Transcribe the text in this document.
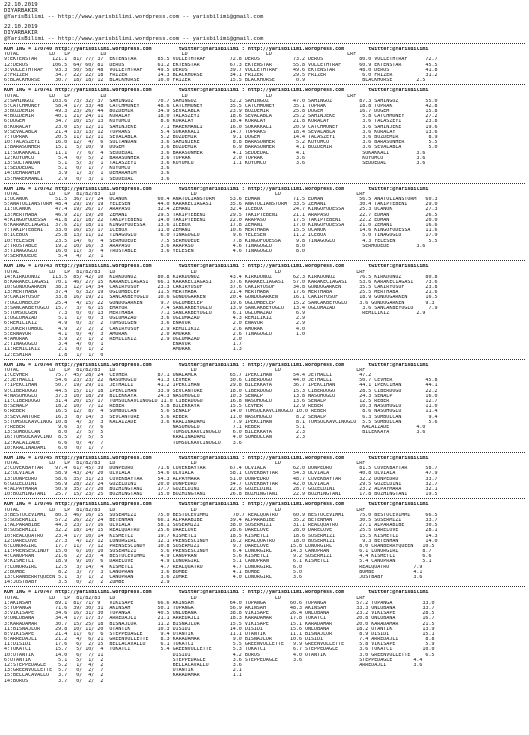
22.10.2019
DIYARBAKIR
@YarisBilimi -- http://www.yarisbilimi.wordpress.com -- yarisbilimi@gmail.com
22.10.2019
DIYARBAKIR
@YarisBilimi -- http://www.yarisbilimi.wordpress.com -- yarisbilimi@gmail.com
KUM ING = 170740 http://yarisbilimi.wordpress.com         twitter:@YarisBilimi : http://yarisbilimi.wordpress.com        twitter:@YarisBilimi
TOTAL          LD   LP          LD                         LD                          LD                         LRF
9:EKTENSTAR     121.1  81/ 77/ 37  EKTENSTAR       85.5 VOLLETHTRAF        72.8 DEROS           73.2 DEROS            80.0 VOLLETHTRAF      72.7
12:DEROS        106.5  64/ 60/ 81  DEROS           61.2 EKTENSTAR          67.3 EKTENSTAR       55.8 VOLLETHTRAF      60.9 EKTENSTAR        45.5
3:VOLLETHTRAF    93.3  50/ 58/ 48  VOLLETHTRAF     49.5 DEROS              39.7 VOLLETHTRAF     49.6 EKTENSTAR        48.0 DEROS            41.8
2:FRIZER         34.7  22/ 22/ 18  FRIZER          14.3 BLACKHORSE         34.1 FRIZER          29.5 FRIZER            6.0 FRIZER           31.2
6:BLACKHORSE     30.7  18/ 18/ 12  BLACKHORSE      10.0 FRIZER             15.5 BLACKHORSE       0.9                   BLACKHORSE        2.5
KUM ING = 170741 http://yarisbilimi.wordpress.com         twitter:@YarisBilimi : http://yarisbilimi.wordpress.com        twitter:@YarisBilimi
TOTAL          LD   LP          LD                         LD                          LD                         LRF
2:SAHINGOZ      103.6  73/ 32/ 37  SAHINGOZ        70.7 SAHINGOZ           52.2 SAHINGOZ        47.0 SAHINGOZ         87.3 SAHINGOZ         55.0
5:CATCHMONEY     58.4  17/ 33/ 48  CATCHMONEY      48.6 CATCHMONEY         35.5 CATCHMONEY      35.1 TOPRAK           18.8 TOPRAK           42.8
3:BOZDEMIR       49.3  23/ 26/ 44  BOZDEMIR        34.9 SEVALABLA          23.9 BOZDEMIR        25.8 DUGEM            16.7 DUGEM            15.8
4:BOZDEMIR       40.1  21/ 24/ 11  KORALAY         18.0 TALASZEYI          18.6 SEVALABLA       25.2 SAHINJEKE         5.8 CATCHMONEY       27.2
6:DUGEM          34.7  10/ 15/ 13  KUYUMCU          8.6 KORALAY            18.4 KORALAY         21.8 KORALAY           3.6 TALASZEYI        23.8
8:KORALAY        23.0  15/ 12/ 11  SAHINJEKE        7.1 HAREKMANLI         16.0 SOKAKKALI       20.9 CATCHMONEY        3.6 SAHINJEKE        19.6
9:SEVALABLA      21.4  13/ 13/ 12  TOPRAKS          5.4 SOKAKKALI          14.7 TOPRAKS         18.4 SEVALABLA         3.6 KORALAY          13.6
7:TOPRAK         20.5  11/ 12/ 11  SEVALABLA        5.2 BOZDEMIR            9.1 DUGEM           14.4 TALASZEYI         3.6 BOZDEMIR          8.9
10:TALASZEYI     16.0  12/  4/  6  SULTANDAN        3.6 SAHINJEKE           8.8 BARASONHER       5.2 KUYUMCU           3.6 BARASONHER        5.5
1:BARASONHER     15.1   5/ 10/  9  DUGEM            3.6 BOZDEMIR            6.9 BARASONHER       4.1 BOZDEMIR          3.6 SEVALABLA         5.0
11:SOKAKKALI     11.1   7/  6/  4  SEDDEDAL         3.6 BARASONHER          4.1 SEDDEDAL         4.1                   SOKAKKALI         3.6
12:KUYUMCU        5.4   0/  5/  2  BARASONHER       3.6 TOPRAK              2.0 TOPRAK           3.6                   KUYUMCU           3.6
13:SULTANDAN      5.1   5/  3/  1  TALASZEYI        3.6 KUYUMCU             1.1 KUYUMCU          3.6                   SEDDEDAL          3.6
1:SEDDEDAL        5.1   0/  1/  7  KUYUMCU          3.6
14:DEHARAHIM      3.9   1/  3/  1  DEHARAHIM        3.6
15:HAREKMANLI     2.9   0/  3/  1  SEDDEDAL         3.6
KUM ING = 170742 http://yarisbilimi.wordpress.com         twitter:@YarisBilimi : http://yarisbilimi.wordpress.com        twitter:@YarisBilimi
TOTAL          LD   LP  81/82/83   LD                         LD                          LD                         LRF
1:UCANOK         51.5  36/ 17/ 24  UCANOK          60.4 ANATOLIANSTORM     53.6 EDMAN           71.5 EDMAN            56.5 ANATOLIANSTORM   60.3
5:ANATOLIANSTORM 48.4  29/ 19/ 19  YELESEN         44.0 KARAKECIAGASI      35.6 ANATOLIANSTORM  33.5 ZEMANI           30.4 TAKIPTEBENI      29.0
11:UCANOK        47.4  19/ 26/ 17  ARAPASO         32.4 ZEMANI             32.4 ICEBOX          24.7 KINGOFODESSA     25.3 UCANOK           27.3
13:MERTHABA      46.9  21/ 19/ 20  ZEMANI          29.5 TAKIPTEBENI        29.5 TAKIPTEBENI     21.1 ARAPASO          22.7 EDMAN            26.5
4:KINGOFODESSA   41.8  21/ 18/ 22  TAKIPTEBENI     14.0 TAKIPTEBENI        22.0 ARAPASO         17.5 TAKIPTEBENI      22.2 EDMAN            20.0
6:KARAKECIAGASI  37.6  21/ 18/ 11  KINGOFODESSA    13.6 ICEBOX             17.8 ZEMANI          17.0 KINGOFODESSA     21.0 ZEMANI           16.6
7:TAKIPTEBENI    33.0  16/ 15/ 17  ICEBOX          11.0 ZEMANI             10.6 MERTHABA        15.5 UCANOK           14.6 KINGOFODESSA     11.6
8:ICEBOX         25.8  13/ 11/ 12  TINAGOGLU        6.0 TINAGOGLU           9.6 YELESEN         11.2 ICEBOX            5.0 TINAGOGLU        17.9
10:YELESEN       23.5  14/  6/  4  SERHODEDE        7.5 SERHODEDE           7.8 KINGOFODESSA     9.8 TINAGOGLU         4.3 YELESEN           5.5
2:TRUSTABLE      19.2  10/ 16/  3  ARAPASO          3.6 ARAPASO             4.6 TINAGOGLU        8.0                   SERHODEDE         3.6
3:TINAGOGLU      16.0  11/  3/  4  TRUSTABLE        3.6 YELESEN             4.6 TINAGOGLU        8.0
9:SERHODEDE       5.4   4/  2/  1
KUM ING = 170743 http://yarisbilimi.wordpress.com         twitter:@YarisBilimi : http://yarisbilimi.wordpress.com        twitter:@YarisBilimi
TOTAL          LD   LP  81/82/83   LD                         LD                          LD                         LRF
14:KIRKDONUZ    113.5  85/ 42/ 10  KIRKDONUZ       80.8 KIRKDONUZ          43.4 KIRKDONUZ       62.3 KIRKDONUZ        76.5 KIRKDONUZ        80.8
8:KARAKECIAGASI  70.1  46/ 27/ 15  KARAKECIAGASI   66.1 KARAKECIAGASI      37.6 KARAKECIAGASI   57.0 KARAKECIAGASI    53.6 KARAKECIAGASI    73.6
10:GUNDOGARKEN   38.3  12/ 14/ 34  CAKIRYOSUF      23.3 CAKIRYOSUF         37.6 CAKIRYOSUF      34.8 GUNDOGARKEN      35.5 CAKIRYOSUF       23.8
13:MERTHABA      37.4   6/ 32/ 19  OGLUMBECEP      11.5 MERTHABA           21.4 MERTHABA        17.6 MERTHABA         25.5 MERTHABA         21.6
9:CAKIRYOSUF     33.8  16/ 19/ 21  SANCAKBEYOGLU   10.6 GUNDOGARKEN        20.4 GUNDOGARKEN     16.1 CAKIRYOSUF       18.9 GUNDOGARKEN      16.5
7:OGLUMBECEP     25.4   4/ 15/ 22  GUNDOGARKEN      9.7 OGLUMBECEP         19.6 OGLUMBECEP      15.2 SANCAKBEYOGLU    3.6 GUNDOGARKEN       9.3
3:SANCAKBEYOGLU  15.7   3/  6/ 15  EMAYUR           7.4 SANCAKBEYOGLU      13.9 SANCAKBEYOGLU   13.4 OGLUMAZAD         3.6 SANCAKBEYOGLU     7.9
5:TUMSULGEN       7.3   0/  0/ 13  MERTHABA         7.1 SANCAKBEYOGLU       6.1 OGLUMAZAD        6.9                   REMILIKIZ         2.9
1:OGLUMAZAD       5.1   1/  0/  3  OGLUMAZAD        3.6 OGLUMAZAD           4.3 REMILIKIZ        2.9
6:REMILIKIZ       4.9   0/  3/  2  TUMSULGEN        3.6 ENAVUR              2.0 ENAVUR           2.9
3:JOKERTUMBUL     4.9   2/  2/  2  CAKIRYOSUF       2.9 REMILIKIZ           2.6 AMORAK           4.0
5:ERNAVUR         4.1   0/  4/  3  AMORAK           2.0 AMORAK              2.6 TINAGOGLU        1.0
4:AMORAK          3.9   2/  1/  2  REMILIKIZ        2.9 OGLUMAZAD           2.0
2:TINAGOGLU       3.4   4/  0/  1                       ENAVUR              1.7
11:REMILIKIZ      2.1   0/  1/  2                       AMORAK              1.3
12:ESMIRA         1.8   1/  1/  0
KUM ING = 170744 http://yarisbilimi.wordpress.com         twitter:@YarisBilimi : http://yarisbilimi.wordpress.com        twitter:@YarisBilimi
TOTAL          LD   LP  81/82/83   LD                         LD                          LD                         LRF
1:CEVHER         75.7  45/ 28/ 24  CEVHER          87.1 UNALAMCA           65.7 IPEKCIHAN       54.4 JETHALLI         47.2
2:JETHALLI       54.6  23/ 23/ 22  NASUHOGLU       41.3 CEVHER             30.6 CIBERDOGU       44.0 JETHALLI         50.7 CEVHER           45.8
7:IPEKCIHAN      50.7  19/ 29/ 11  JETHALLI        41.2 IPEKCIHAN          29.8 BILEKKAYA       36.7 IPEKCIHAN        44.1 IPEKCIHAN        44.1
9:CIBERDOGU      44.5  15/ 11/ 18  IPEKCIHAN       33.9 SEVCANTURE         18.0 CIBERDOGU       15.3 CIBERDOGU        28.5 CIBERDOGU        22.2
4:NASUHOGLU      37.3  10/ 18/ 29  BILEKKAYA       24.3 NASUHOGLU          10.3 SENALP          13.8 NASUHOGLU        24.3 SENALP           16.0
11:CIBERDOGU     31.4  20/ 15/ 17  TUMSULKAVCINOGLU 11.0 CIBERDOGU         16.8 NASUHOGLU       13.6 SENALP           12.5 REBER            12.7
8:SENALP         18.2  10/  7/ 12  REBER            5.8 BILEKKAYA          15.5 CEVHER          12.9 REBER            10.3 NASUHOGLU        11.0
6:REBER          16.5  12/  8/  4  SUMBULCAN        5.6 SENALP             14.0 TUMSULKAVCINOGLU 10.0 REBER            8.6 NASUHOGLU        11.4
3:SEVCANTURE     16.3   8/ 14/  3  SEVCANTURE       5.6 REBER              11.0 NASUHOGLU        8.2 SENALP            6.3 SUMBULCAN         9.4
5:TUMSULKAVCINOG 10.8   4/  3/  3  KALAIZADE        3.6 KRALINADAMI         7.9 IPEKCIHAN        8.1 TUMSULKAVCINOGLU  5.5 SUMBULCAN         5.6
7:REBER           9.6   3/  7/  6                       NASUHOGLU           7.1 REBER            5.1                   KALAIZADE         4.0
13:SUMBULCAN      8.0   2/  5/  5                       TUMSULKAVCINOGLU    6.0 BILEKKAYA        2.3                   BILEKKAYA         3.6
16:TUMSULKAVCINO  8.5   2/  5/  5                       KRALINADAMI         4.0 SUMBULCAN        2.3
12:KALAIZADE      6.6   0/  4/  7                       TUMSULKAVCINOGLU    3.6
10:KRALINADAMI    6.0   0/  1/  7
KUM ING = 170745 http://yarisbilimi.wordpress.com         twitter:@YarisBilimi : http://yarisbilimi.wordpress.com        twitter:@YarisBilimi
TOTAL          LD   LP  81/82/83   LD                         LD                          LD                         LRF
2:CUVEKBAYTAR    97.4  61/ 45/ 39  DONPEDRO        71.6 CUVEKBAYTAR        67.4 ULVIALA         62.0 DONPEDRO         81.5 CUVEKBAYTAR      58.7
12:ULVIALA       58.9  43/ 24/ 20  ULVIALA         54.6 ULVIALA            58.1 CUVEKBAYTAR     54.3 ULVIALA          40.8 ULVIALA          47.9
13:DONPEDRO      58.6  35/ 31/ 23  CUVEKBAYTAR     54.3 ALPAYMARA          51.0 DONPEDRO        48.7 CUVEKBAYTAR      32.2 DONPEDRO         33.7
6:GUZELDINI      56.9  28/ 22/ 24  GUZELDINI       20.0 DONPEDRO           34.7 CUVEKBAYTAR     42.0 ULVIALA          29.5 GUZELDINI        32.7
4:ALPAYMARA      50.9  35/ 27/ 20  BOZHINGTANI     17.7 GUZELDINI          22.6 GUZELDINI       28.7 GUZELDINI        23.2 ALPAYMARA        32.1
10:BOZHINGTANI   25.7  15/ 23/ 25  BOZHINGTANI     15.0 BOZHINGTANI        26.8 BOZHINGTANI     22.9 BOZHINGTANI      17.8 BOZHINGTANI      19.5
KUM ING = 170746 http://yarisbilimi.wordpress.com         twitter:@YarisBilimi : http://yarisbilimi.wordpress.com        twitter:@YarisBilimi
TOTAL          LD   LP  81/82/83   LD                         LD                          LD                         LRF
3:BESTUCEVIMMI   80.3  46/ 16/ 15  SUSERMIZI       75.0 BESTUCEVIMMI        70.7 REALQUATRO     60.9 BESTUCEVIMMI     75.0 BESTUCEVIMMI     66.5
5:SUSERMIZI      57.2  26/ 22/ 24  BETENHAN        66.1 ALPARABIBE         39.4 ALPARABIBE      35.2 BETENHAN         30.5 SUSERMIZI        33.7
1:ALPARABIBE     44.3  23/ 17/ 16  ULVIALA         58.1 SUSERMIZI          38.0 SUSERMIZI       31.1 REALQUATRO       27.1 ALPARABIBE       30.5
8:SUSERMIZI      32.2  18/ 14/ 15  REALQUATRO      25.6 DARELOVE           28.6 DARELOVE        28.0 DARELOVE         25.5 DARELOVE         28.1
10:REALQUATRO    23.4  17/ 10/ 14  KISMETLI        19.7 KISMETLI           18.5 KISMETLI        18.6 SUSERMIZI        15.5 KISMETLI         14.3
12:DARELOVE      27.3   4/ 12/ 12  LUNORGIRL       12.1 PRENSESCINDY       16.2 REALQUATRO      18.0 BUSERMIZI         9.3 BETENHAN         14.0
6:LUNORGIRL      17.7  11/  7/ 12  PRENSESCINDY    10.8 SUSERMIZI           9.7 DARELOVE       15.8 LUNORGIRL         8.0 CRANBERRYQUEEN   10.5
11:PRENSESCINDY  15.0   6/ 10/ 10  SUSERMIZI        5.6 PRENSESCINDY        6.4 LUNORGIRL      14.3 CANOPRAN          6.1 LUNORGIRL        8.7
4:CANOPRAN       21.6   2/ 23/  4  BESTUCEVIMMI     4.9 CANOPRAN            5.6 KISMETLI        9.2 SUSERMIZI         4.4 KISMETLI         6.6
9:KISMETLI       18.9   9/ 10/  6  DARELOVE         4.9 LUNORGIRL           5.1 CANOPRAN        6.1 KISMETLI          5.4 CANOPRAN         5.1
7:LUNORGIRL      12.5   3/ 14/  4  KISMETLI         4.7 REALQUATRO          4.7 LUNORGIRL       6.0                   REALQUATRO        7.9
2:BOMBE           8.2   3/  7/  3  CANOPRAN         3.6 BOMBE               4.1 BOMBE           5.0                   BOMBE             4.1
13:CRANBERRYQUEEN 5.1   3/  1/  2  CANOPRAN         3.6 ZUMRE               4.0 LUNORGIRL       3.6                   JUSTBABY          3.6
14:JUSTBABY       3.5   0/  2/  2  ZUMBE            2.9
KUM ING = 170747 http://yarisbilimi.wordpress.com         twitter:@YarisBilimi : http://yarisbilimi.wordpress.com        twitter:@YarisBilimi
TOTAL          LD   LP  81/82/83   LD                         LD                          LD                         LRF
1:AKINSAH        89.1  81/ 71/ 9   VIKISAPE        66.6 AKINSAH            64.0 TOPANGA        60.6 TOPANGA          57.2 TOPANGA          33.0
5:TOPANGA        71.6  39/ 30/ 31  AKINSAH         50.1 TOPANGA            56.9 AKINSAH        48.3 AKINSAH          33.3 ONLUBANA         33.7
3:VIKISAPE       34.6  16/ 31/ 30  TOPANGA         40.5 ONLUBANA           38.8 VIKISAPE       26.4 ONLUBANA         23.2 VIKISAPE         28.5
9:ONLUBANA       34.4  17/ 17/ 37  ARREDAJLI       21.1 ARREDAJLI          18.3 KARADAMAR      17.8 TOKATCI          20.8 ONLUBANA         16.7
3:KARADAMAR      30.7  15/ 25/ 18  BISNAJLOR       11.2 BISNAJLOR          15.5 VIKISAPE       15.1 KARADAMAR        20.0 KARADAMAR        21.5
11:BISNAJLOR     29.8  10/ 11/ 20  OTANTIK         10.3 DISIDI             14.0 DISIDI         15.6 ONLUBANA         18.2 OTANTIK          13.9
8:VIKISAPE       21.4  11/  6/  6  STEPPEDAGLE      9.4 OTANTIK            11.1 OTANTIK        11.1 BISNAJLOR         8.9 DISIDI           15.1
6:ARREDAJLI      21.2   4/  6/ 21  GREENVOLLETTE    8.3 KARADAMAR           9.0 BISNAJLOR      10.6 DISIDI            7.4 ARREDAJLI         8.8
11:DISIDI        17.6   6/  2/ 15  BELLACAVALLO     6.1 TOKATCI             5.5 GREENVOLLETTE   9.9 GREENVOLLETTE     5.8 VIKISAPE          5.9
4:TOKATCI        15.7   5/ 10/  4  TOKATCI          5.4 GREENVOLLETTE       5.3 TOKATCI         6.7 STEPPEDAGLE       3.6 TOKATCI          10.0
10:OTANTIK       14.0   6/  7/ 11                       DISIDI              4.2 BOROS           4.0 OTANTIK           3.0 GREENVOLLETTE     6.5
6:OTANTIK         5.1   5/  1/  2                       STEPPEDAGLE         3.6 STEPPEDAGLE     3.6                   STEPPEDAGLE       4.4
12:STEPPEDAGLE    5.2   1/  4/  2                       BELLACAVALLO        3.6                                       ARREDAJLI         3.6
13:GREENVOLLETTE  5.7   0/  2/  7                       OTANTIK             2.1
15:BELLACAVALLO   3.7   0/  4/  2                       KARADAMAR           1.1
14:BOROS          3.7   0/  2/  2
